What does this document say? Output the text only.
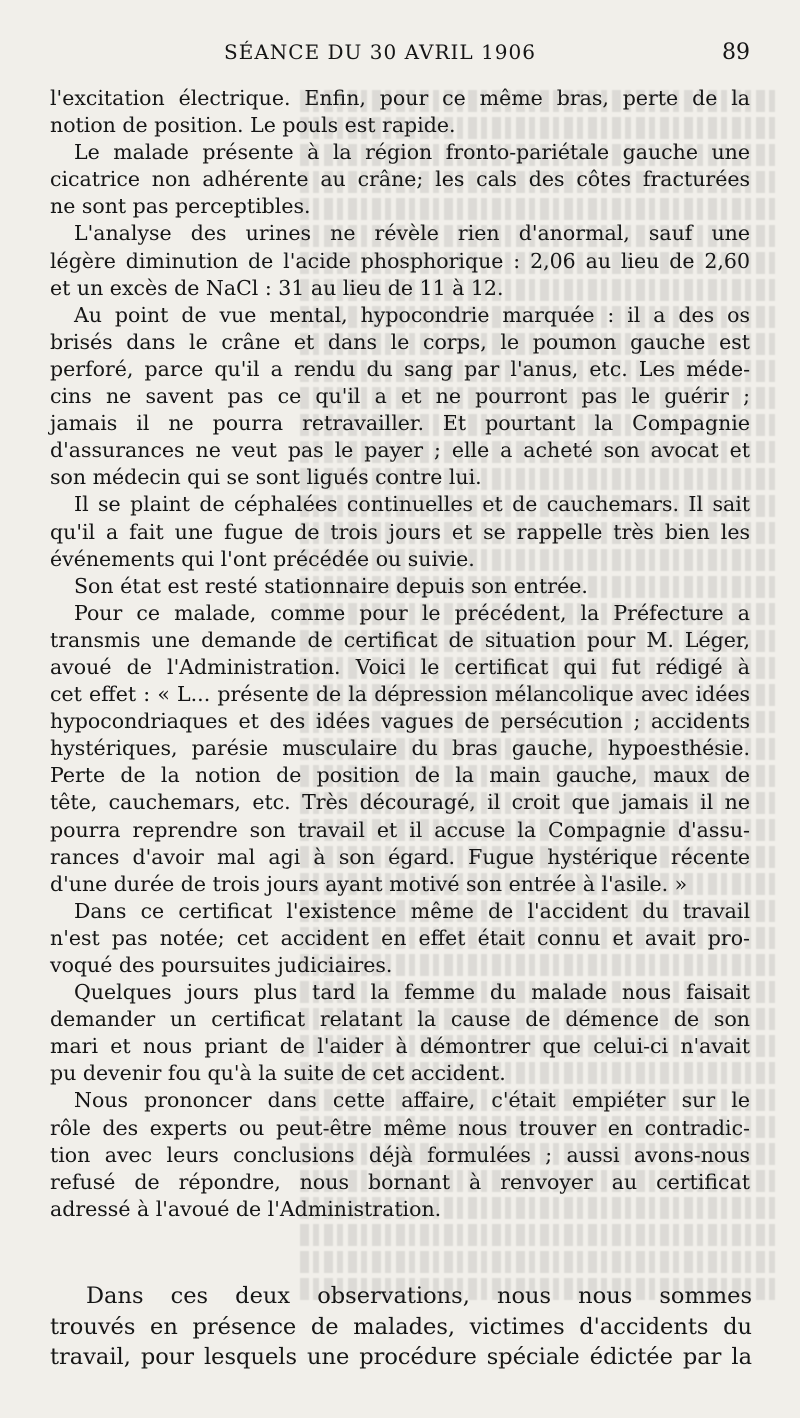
SÉANCE DU 30 AVRIL 1906	89
l'excitation électrique. Enfin, pour ce même bras, perte de la
notion de position. Le pouls est rapide.
Le malade présente à la région fronto-pariétale gauche une
cicatrice non adhérente au crâne; les cals des côtes fracturées
ne sont pas perceptibles.
L'analyse des urines ne révèle rien d'anormal, sauf une
légère diminution de l'acide phosphorique : 2,06 au lieu de 2,60
et un excès de NaCl : 31 au lieu de 11 à 12.
Au point de vue mental, hypocondrie marquée : il a des os
brisés dans le crâne et dans le corps, le poumon gauche est
perforé, parce qu'il a rendu du sang par l'anus, etc. Les méde-
cins ne savent pas ce qu'il a et ne pourront pas le guérir ;
jamais il ne pourra retravailler. Et pourtant la Compagnie
d'assurances ne veut pas le payer ; elle a acheté son avocat et
son médecin qui se sont ligués contre lui.
Il se plaint de céphalées continuelles et de cauchemars. Il sait
qu'il a fait une fugue de trois jours et se rappelle très bien les
événements qui l'ont précédée ou suivie.
Son état est resté stationnaire depuis son entrée.
Pour ce malade, comme pour le précédent, la Préfecture a
transmis une demande de certificat de situation pour M. Léger,
avoué de l'Administration. Voici le certificat qui fut rédigé à
cet effet : « L... présente de la dépression mélancolique avec idées
hypocondriaques et des idées vagues de persécution ; accidents
hystériques, parésie musculaire du bras gauche, hypoesthésie.
Perte de la notion de position de la main gauche, maux de
tête, cauchemars, etc. Très découragé, il croit que jamais il ne
pourra reprendre son travail et il accuse la Compagnie d'assu-
rances d'avoir mal agi à son égard. Fugue hystérique récente
d'une durée de trois jours ayant motivé son entrée à l'asile. »
Dans ce certificat l'existence même de l'accident du travail
n'est pas notée; cet accident en effet était connu et avait pro-
voqué des poursuites judiciaires.
Quelques jours plus tard la femme du malade nous faisait
demander un certificat relatant la cause de démence de son
mari et nous priant de l'aider à démontrer que celui-ci n'avait
pu devenir fou qu'à la suite de cet accident.
Nous prononcer dans cette affaire, c'était empiéter sur le
rôle des experts ou peut-être même nous trouver en contradic-
tion avec leurs conclusions déjà formulées ; aussi avons-nous
refusé de répondre, nous bornant à renvoyer au certificat
adressé à l'avoué de l'Administration.
Dans ces deux observations, nous nous sommes
trouvés en présence de malades, victimes d'accidents du
travail, pour lesquels une procédure spéciale édictée par la
